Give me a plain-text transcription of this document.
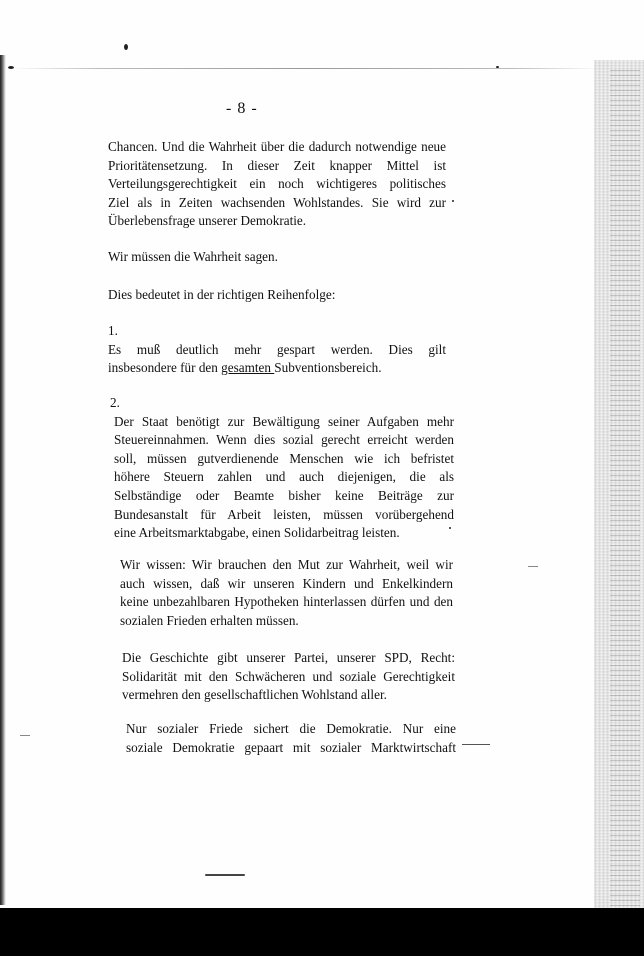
- 8 -
Chancen. Und die Wahrheit über die dadurch notwendige neue
Prioritätensetzung. In dieser Zeit knapper Mittel ist
Verteilungsgerechtigkeit ein noch wichtigeres politisches
Ziel als in Zeiten wachsenden Wohlstandes. Sie wird zur
Überlebensfrage unserer Demokratie.
Wir müssen die Wahrheit sagen.
Dies bedeutet in der richtigen Reihenfolge:
1.
Es muß deutlich mehr gespart werden. Dies gilt
insbesondere für den gesamten Subventionsbereich.
2.
Der Staat benötigt zur Bewältigung seiner Aufgaben mehr
Steuereinnahmen. Wenn dies sozial gerecht erreicht werden
soll, müssen gutverdienende Menschen wie ich befristet
höhere Steuern zahlen und auch diejenigen, die als
Selbständige oder Beamte bisher keine Beiträge zur
Bundesanstalt für Arbeit leisten, müssen vorübergehend
eine Arbeitsmarktabgabe, einen Solidarbeitrag leisten.
Wir wissen: Wir brauchen den Mut zur Wahrheit, weil wir
auch wissen, daß wir unseren Kindern und Enkelkindern
keine unbezahlbaren Hypotheken hinterlassen dürfen und den
sozialen Frieden erhalten müssen.
Die Geschichte gibt unserer Partei, unserer SPD, Recht:
Solidarität mit den Schwächeren und soziale Gerechtigkeit
vermehren den gesellschaftlichen Wohlstand aller.
Nur sozialer Friede sichert die Demokratie. Nur eine
soziale Demokratie gepaart mit sozialer Marktwirtschaft
